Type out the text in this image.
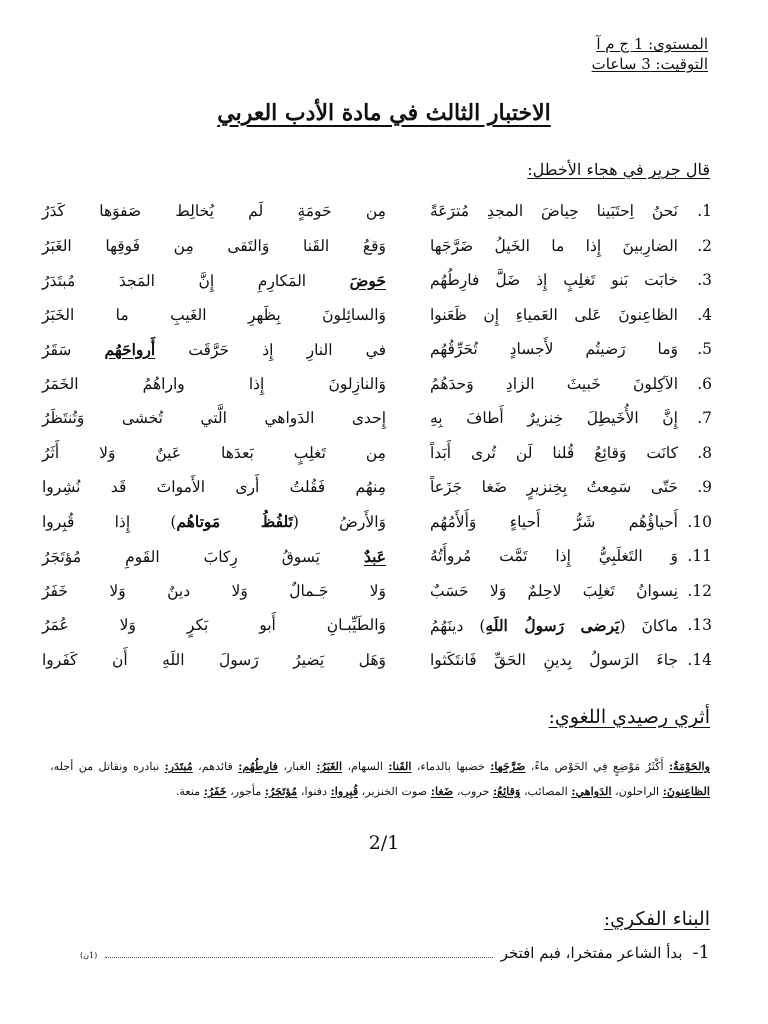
المستوى: 1 ج م آ
التوقيت: 3 ساعات
الاختبار الثالث في مادة الأدب العربي
قال جرير في هجاء الأخطل:
1.
نَحنُ اِحتَبَينا حِياضَ المجدِ مُترَعَةً
مِن حَومَةٍ لَم يُخالِط صَفوَها كَدَرُ
2.
الضارِبينَ إِذا ما الخَيلُ ضَرَّجَها
وَقعُ القَنا وَالتَقى مِن فَوقِها الغَبَرُ
3.
خابَت بَنو تَغلِبٍ إِذ ضَلَّ فارِطُهُم
حَوضَ المَكارِمِ إِنَّ المَجدَ مُبتَدَرُ
4.
الظاعِنونَ عَلى العَمياءِ إِن ظَعَنوا
وَالسائِلونَ بِظَهرِ الغَيبِ ما الخَبَرُ
5.
وَما رَضيتُم لأَجسادٍ تُحَرِّقُهُم
في النارِ إِذ حَرَّقَت أَرواحَهُم سَقَرُ
6.
الآكِلونَ خَبيثَ الزادِ وَحدَهُمُ
وَالنازِلونَ إِذا واراهُمُ الخَمَرُ
7.
إِنَّ الأُخَيطِلَ خِنزيرٌ أَطافَ بِهِ
إِحدى الدَواهي الَّتي تُخشى وَتُنتَظَرُ
8.
كانَت وَقائِعُ قُلنا لَن تُرى أَبَداً
مِن تَغلِبٍ بَعدَها عَينٌ وَلا أَثَرُ
9.
حَتّى سَمِعتُ بِخِنزيرٍ ضَغا جَزَعاً
مِنهُم فَقُلتُ أَرى الأَمواتَ قَد نُشِروا
10.
أَحياؤُهُم شَرُّ أَحياءٍ وَأَلأَمُهُم
وَالأَرضُ (تَلفُظُ مَوتاهُم) إِذا قُبِروا
11.
وَ التَغلَبِيُّ إِذا تَمَّت مُروأَتُهُ
عَبدٌ يَسوقُ رِكابَ القَومِ مُؤتَجَرُ
12.
نِسوانُ تَغلِبَ لاحِلمٌ وَلا حَسَبٌ
وَلا جَـمالٌ وَلا دينٌ وَلا خَفَرُ
13.
ماكانَ (يَرضى رَسولُ اللَهِ) دينَهُمُ
وَالطَيِّبـانِ أَبو بَكرٍ وَلا عُمَرُ
14.
جاءَ الرَسولُ بِدينِ الحَقِّ فَانتَكَثوا
وَهَل يَضيرُ رَسولَ اللَهِ أَن كَفَروا
أثري رصيدي اللغوي:
والحَوْمَةُ: أَكْثَرُ مَوْضِعٍ فِي الحَوْض ماءً، ضَرَّجَها: خضبها بالدماء، القَنا: السهام، الغَبَرُ: الغبار، فارِطُهُم: قائدهم، مُبتَدَر: نبادره ونقاتل من أجله، الظاعِنونَ: الراحلون، الدَواهي: المصائب، وَقائِعُ: حروب، ضَغا: صوت الخنزير، قُبِروا: دفنوا، مُؤتَجَرُ: مأجور، خَفَرُ: منعة.
2/1
البناء الفكري:
1-
بدأ الشاعر مفتخرا، فبم افتخر
(1ن)
